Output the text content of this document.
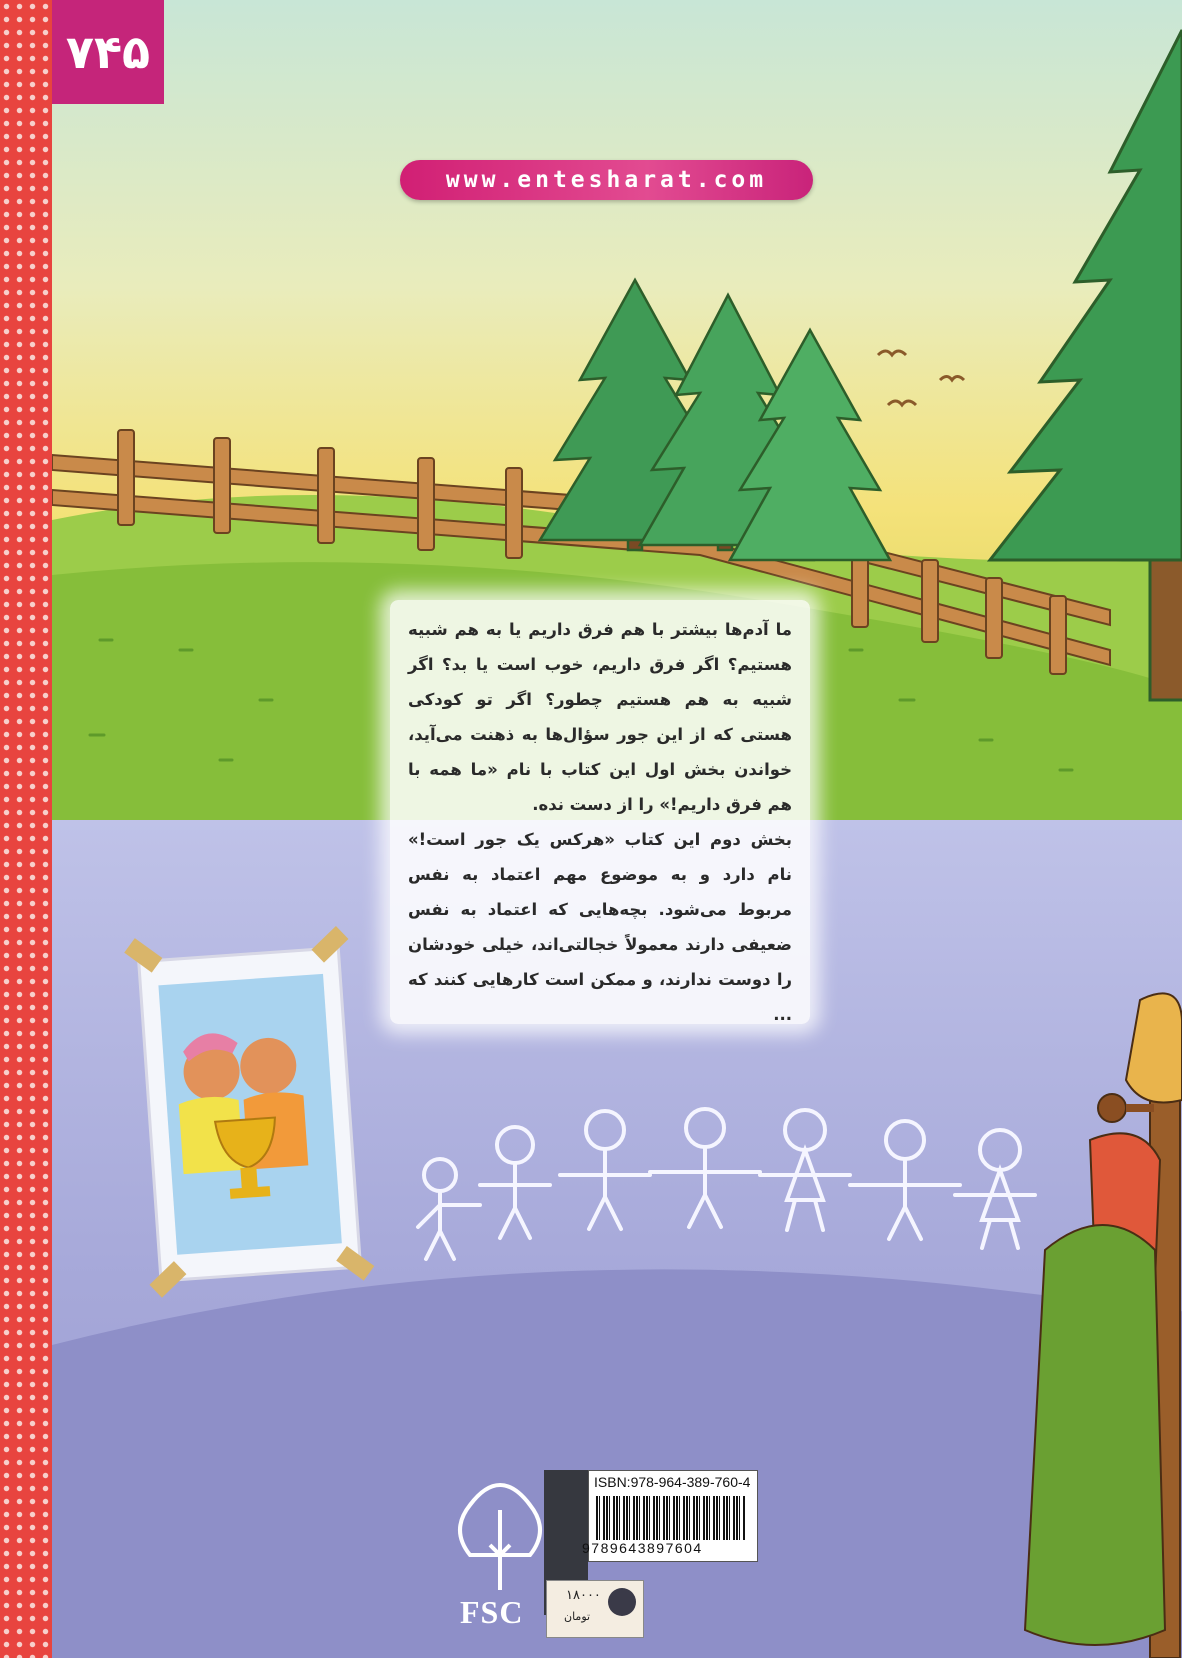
۷۴۵
www.entesharat.com

ما آدم‌ها بیشتر با هم فرق داریم یا به هم شبیه هستیم؟ اگر فرق داریم، خوب است یا بد؟ اگر شبیه به هم هستیم چطور؟ اگر تو کودکی هستی که از این جور سؤال‌ها به ذهنت می‌آید، خواندن بخش اول این کتاب با نام «ما همه با هم فرق داریم!» را از دست نده.

بخش دوم این کتاب «هرکس یک جور است!» نام دارد و به موضوع مهم اعتماد به نفس مربوط می‌شود. بچه‌هایی که اعتماد به نفس ضعیفی دارند معمولاً خجالتی‌اند، خیلی خودشان را دوست ندارند، و ممکن است کارهایی کنند که ...

FSC
ISBN:978-964-389-760-4
9789643897604
۱۸۰۰۰
تومان
